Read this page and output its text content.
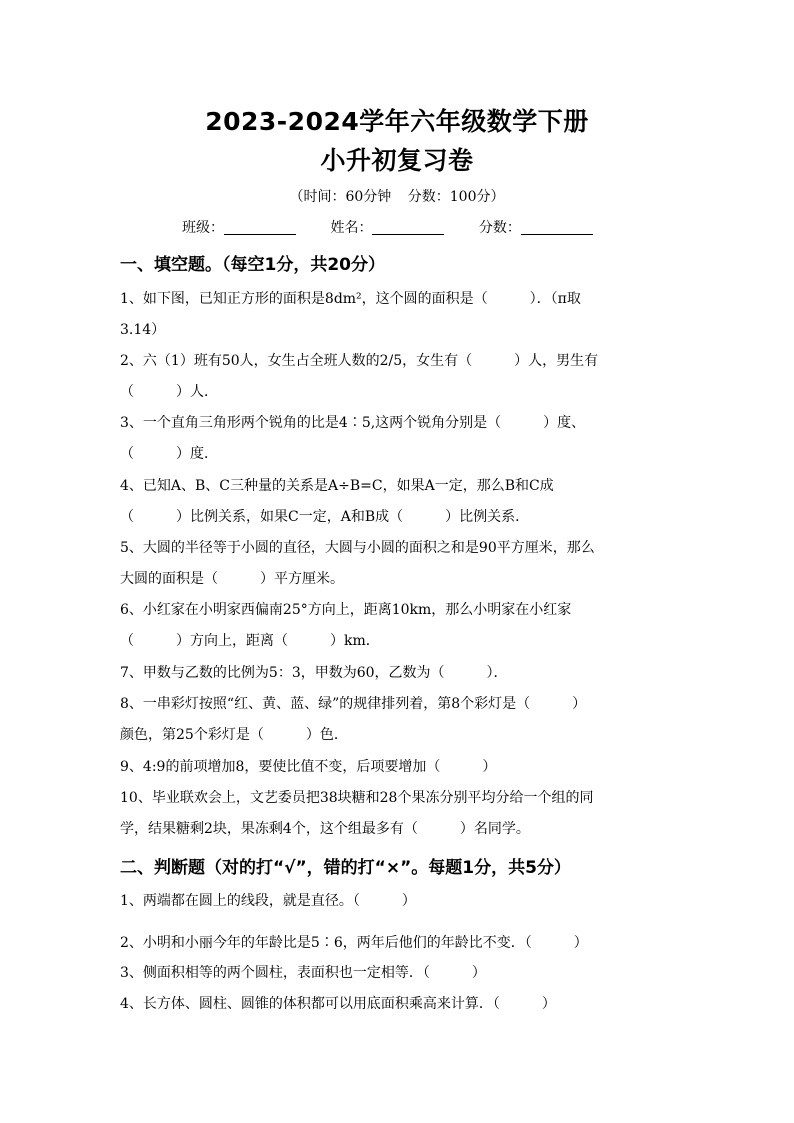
2023-2024学年六年级数学下册
小升初复习卷
（时间：60分钟 分数：100分）
班级：	姓名：	分数：
一、填空题。（每空1分，共20分）
1、如下图，已知正方形的面积是8dm²，这个圆的面积是（　　　）．（π取
3.14）
2、六（1）班有50人，女生占全班人数的2/5，女生有（　　　）人，男生有
（　　　）人．
3、一个直角三角形两个锐角的比是4∶5,这两个锐角分别是（　　　）度、
（　　　）度．
4、已知A、B、C三种量的关系是A÷B=C，如果A一定，那么B和C成
（　　　）比例关系，如果C一定，A和B成（　　　）比例关系．
5、大圆的半径等于小圆的直径，大圆与小圆的面积之和是90平方厘米，那么
大圆的面积是（　　　）平方厘米。
6、小红家在小明家西偏南25°方向上，距离10km，那么小明家在小红家
（　　　）方向上，距离（　　　）km．
7、甲数与乙数的比例为5：3，甲数为60，乙数为（　　　）．
8、一串彩灯按照“红、黄、蓝、绿”的规律排列着，第8个彩灯是（　　　）
颜色，第25个彩灯是（　　　）色．
9、4:9的前项增加8，要使比值不变，后项要增加（　　　）
10、毕业联欢会上，文艺委员把38块糖和28个果冻分别平均分给一个组的同
学，结果糖剩2块，果冻剩4个，这个组最多有（　　　）名同学。
二、判断题（对的打“√”，错的打“×”。每题1分，共5分）
1、两端都在圆上的线段，就是直径。（　　　）
2、小明和小丽今年的年龄比是5∶6，两年后他们的年龄比不变．（　　　）
3、侧面积相等的两个圆柱，表面积也一定相等．（　　　）
4、长方体、圆柱、圆锥的体积都可以用底面积乘高来计算．（　　　）
